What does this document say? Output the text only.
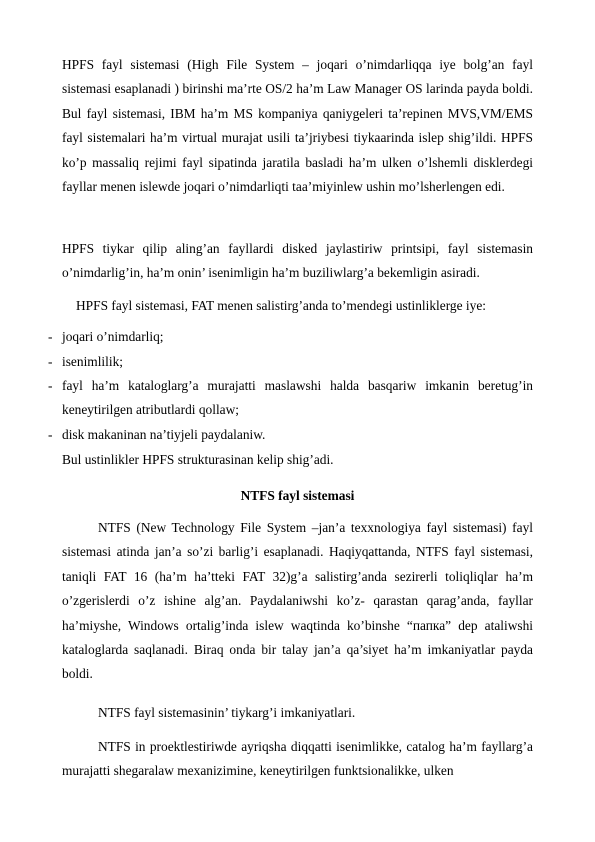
HPFS fayl sistemasi (High File System – joqari o’nimdarliqqa iye bolg’an fayl sistemasi esaplanadi ) birinshi ma’rte OS/2 ha’m Law Manager OS larinda payda boldi. Bul fayl sistemasi, IBM ha’m MS kompaniya qaniygeleri ta’repinen MVS,VM/EMS fayl sistemalari ha’m virtual murajat usili ta’jriybesi tiykaarinda islep shig’ildi. HPFS ko’p massaliq rejimi fayl sipatinda jaratila basladi ha’m ulken o’lshemli disklerdegi fayllar menen islewde joqari o’nimdarliqti taa’miyinlew ushin mo’lsherlengen edi.

HPFS tiykar qilip aling’an fayllardi disked jaylastiriw printsipi, fayl sistemasin o’nimdarlig’in, ha’m onin’ isenimligin ha’m buziliwlarg’a bekemligin asiradi.

HPFS fayl sistemasi, FAT menen salistirg’anda to’mendegi ustinliklerge iye:

- joqari o’nimdarliq;
- isenimlilik;
- fayl ha’m kataloglarg’a murajatti maslawshi halda basqariw imkanin beretug’in keneytirilgen atributlardi qollaw;
- disk makaninan na’tiyjeli paydalaniw.

Bul ustinlikler HPFS strukturasinan kelip shig’adi.

NTFS fayl sistemasi

NTFS (New Technology File System –jan’a texxnologiya fayl sistemasi) fayl sistemasi atinda jan’a so’zi barlig’i esaplanadi. Haqiyqattanda, NTFS fayl sistemasi, taniqli FAT 16 (ha’m ha’tteki FAT 32)g’a salistirg’anda sezirerli toliqliqlar ha’m o’zgerislerdi o’z ishine alg’an. Paydalaniwshi ko’z- qarastan qarag’anda, fayllar ha’miyshe, Windows ortalig’inda islew waqtinda ko’binshe “папка” dep ataliwshi kataloglarda saqlanadi. Biraq onda bir talay jan’a qa’siyet ha’m imkaniyatlar payda boldi.

NTFS fayl sistemasinin’ tiykarg’i imkaniyatlari.

NTFS in proektlestiriwde ayriqsha diqqatti isenimlikke, catalog ha’m fayllarg’a murajatti shegaralaw mexanizimine, keneytirilgen funktsionalikke, ulken
